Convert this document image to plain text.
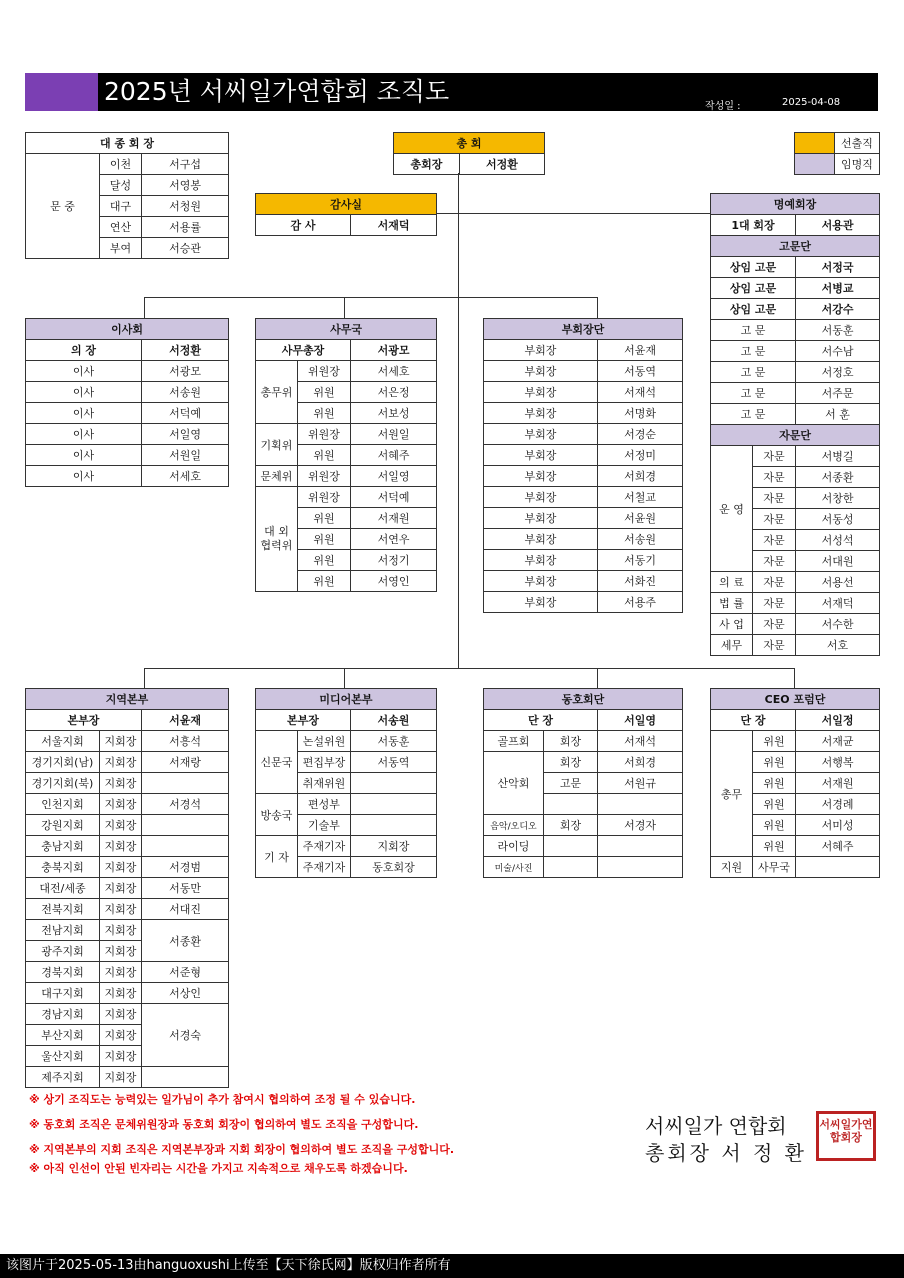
2025년 서씨일가연합회 조직도
작성일 :	2025-04-08
대 종 회 장		
문 중	이천	서구섭
	달성	서영봉
	대구	서청원
	연산	서용률
	부여	서승관
총 회
총회장	서정환
	선출직
	임명직
감사실
감 사	서재덕
명예회장		
1대 회장		서용관
고문단		
상임 고문		서정국
상임 고문		서병교
상임 고문		서강수
고 문		서동훈
고 문		서수남
고 문		서정호
고 문		서주문
고 문		서 훈
자문단		
운 영	자문	서병길
	자문	서종환
	자문	서창한
	자문	서동성
	자문	서성석
	자문	서대원
의 료	자문	서용선
법 률	자문	서재덕
사 업	자문	서수한
세무	자문	서호
이사회	
의 장	서정환
이사	서광모
이사	서송원
이사	서덕예
이사	서일영
이사	서원일
이사	서세호
사무국		
사무총장		서광모
총무위	위원장	서세호
	위원	서은정
	위원	서보성
기획위	위원장	서원일
	위원	서혜주
문체위	위원장	서일영
대 외
협력위	위원장	서덕예
	위원	서재원
	위원	서연우
	위원	서정기
	위원	서영인
부회장단	
부회장	서윤재
부회장	서동역
부회장	서재석
부회장	서명화
부회장	서경순
부회장	서정미
부회장	서희경
부회장	서철교
부회장	서윤원
부회장	서송원
부회장	서동기
부회장	서화진
부회장	서용주
지역본부		
본부장		서윤재
서울지회	지회장	서흥석
경기지회(남)	지회장	서재랑
경기지회(북)	지회장	
인천지회	지회장	서경석
강원지회	지회장	
충남지회	지회장	
충북지회	지회장	서경범
대전/세종	지회장	서동만
전북지회	지회장	서대진
전남지회	지회장	서종환
광주지회	지회장	
경북지회	지회장	서준형
대구지회	지회장	서상인
경남지회	지회장	서경숙
부산지회	지회장	
울산지회	지회장	
제주지회	지회장	
미디어본부		
본부장		서송원
신문국	논설위원	서동훈
	편집부장	서동역
	취재위원	
방송국	편성부	
	기술부	
기 자	주재기자	지회장
	주재기자	동호회장
동호회단		
단 장		서일영
골프회	회장	서재석
산악회	회장	서희경
	고문	서원규

음악/오디오	회장	서경자
라이딩		
미술/사진		
CEO 포럼단		
단 장		서일정
총무	위원	서재균
	위원	서행복
	위원	서재원
	위원	서경례
	위원	서미성
	위원	서혜주
지원	사무국	
※ 상기 조직도는 능력있는 일가님이 추가 참여시 협의하여 조정 될 수 있습니다.
※ 동호회 조직은 문체위원장과 동호회 회장이 협의하여 별도 조직을 구성합니다.
※ 지역본부의 지회 조직은 지역본부장과 지회 회장이 협의하여 별도 조직을 구성합니다.
※ 아직 인선이 안된 빈자리는 시간을 가지고 지속적으로 채우도록 하겠습니다.
서씨일가 연합회
총회장 서 정 환
서씨일가연합회장
该图片于2025-05-13由hanguoxushi上传至【天下徐氏网】版权归作者所有
